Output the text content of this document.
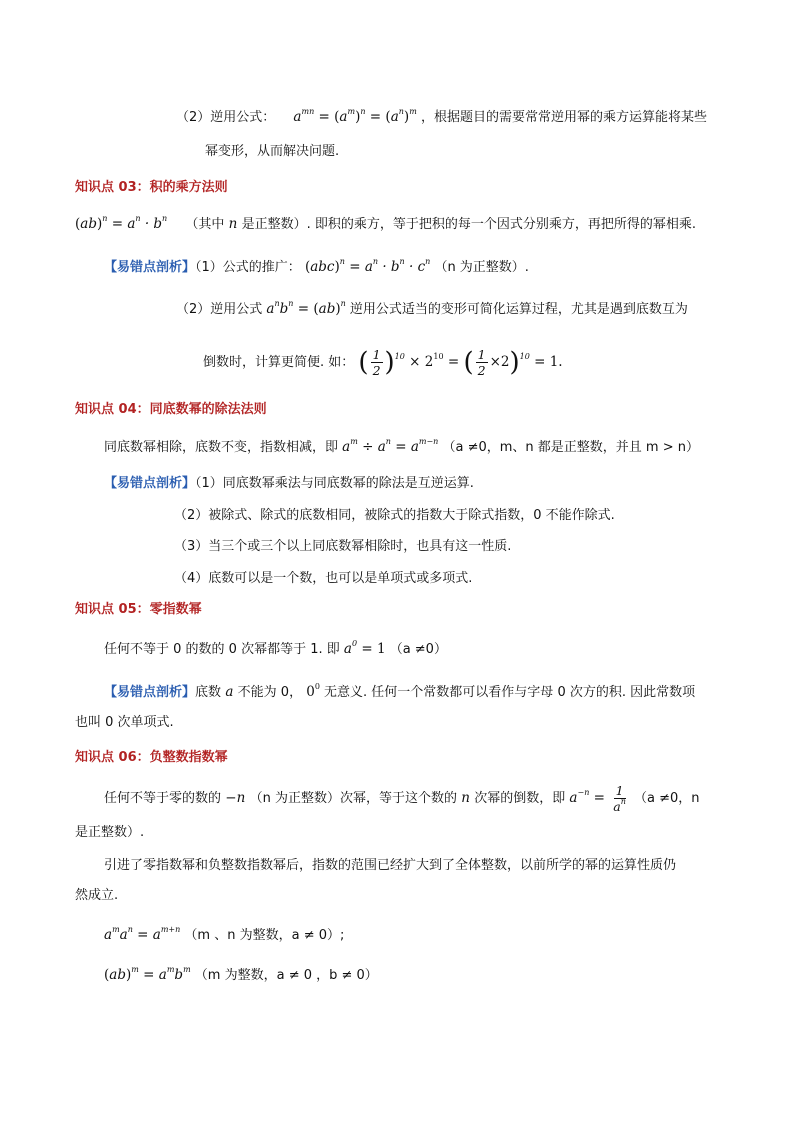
（2）逆用公式： $a^{mn} = (a^m)^n = (a^n)^m$ ，根据题目的需要常常逆用幂的乘方运算能将某些
幂变形，从而解决问题.
知识点 03：积的乘方法则
$(ab)^n = a^n \cdot b^n$ （其中 n 是正整数）. 即积的乘方，等于把积的每一个因式分别乘方，再把所得的幂相乘.
【易错点剖析】（1）公式的推广： $(abc)^n = a^n \cdot b^n \cdot c^n$ （n 为正整数）.
（2）逆用公式 $a^nb^n = (ab)^n$ 逆用公式适当的变形可简化运算过程，尤其是遇到底数互为
倒数时，计算更简便. 如： ( $\frac{1}{2} )^{10} \times 2^{10}$ = ( $\frac{1}{2} \times 2)^{10} = 1$.
知识点 04：同底数幂的除法法则
同底数幂相除，底数不变，指数相减，即 $a^m \div a^n = a^{m-n}$ （a ≠0，m、n 都是正整数，并且 m > n）
【易错点剖析】（1）同底数幂乘法与同底数幂的除法是互逆运算.
（2）被除式、除式的底数相同，被除式的指数大于除式指数，0 不能作除式.
（3）当三个或三个以上同底数幂相除时，也具有这一性质.
（4）底数可以是一个数，也可以是单项式或多项式.
知识点 05：零指数幂
任何不等于 0 的数的 0 次幂都等于 1. 即 $a^0 = 1$ （a ≠0）
【易错点剖析】底数 a 不能为 0， $0^0$ 无意义. 任何一个常数都可以看作与字母 0 次方的积. 因此常数项
也叫 0 次单项式.
知识点 06：负整数指数幂
任何不等于零的数的 −n （n 为正整数）次幂，等于这个数的 n 次幂的倒数，即 $a^{-n} = \frac{1}{a^n} (a \ne 0$，n
是正整数）.
引进了零指数幂和负整数指数幂后，指数的范围已经扩大到了全体整数，以前所学的幂的运算性质仍
然成立.
$a^ma^n = a^{m+n}$ （m 、n 为整数，a ≠ 0）;
$(ab)^m = a^mb^m$ （m 为整数，a ≠ 0 ，b ≠ 0）
